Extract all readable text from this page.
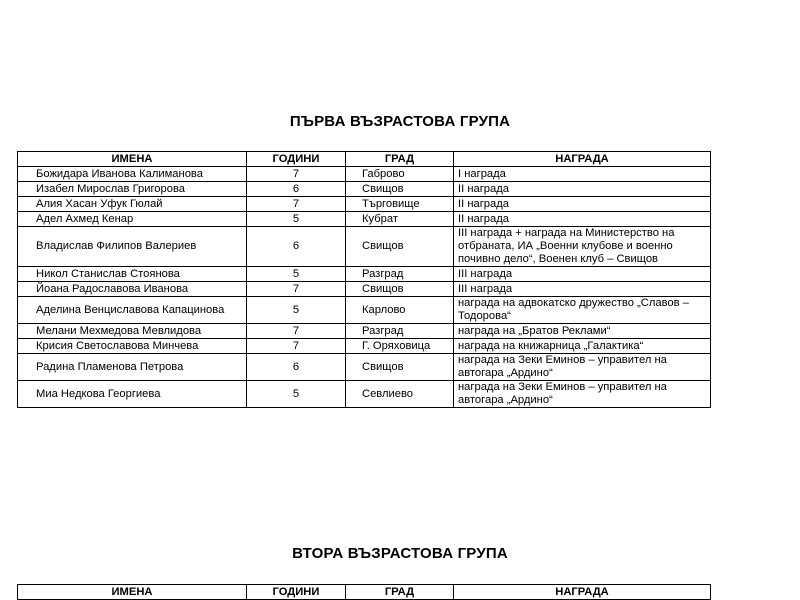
ПЪРВА ВЪЗРАСТОВА ГРУПА
ИМЕНА	ГОДИНИ	ГРАД	НАГРАДА
Божидара Иванова Калиманова	7	Габрово	I награда
Изабел Мирослав Григорова	6	Свищов	II награда
Алия Хасан Уфук Гюлай	7	Търговище	II награда
Адел Ахмед Кенар	5	Кубрат	II награда
Владислав Филипов Валериев	6	Свищов	III награда + награда на Министерство на отбраната, ИА „Военни клубове и военно почивно дело“, Военен клуб – Свищов
Никол Станислав Стоянова	5	Разград	III награда
Йоана Радославова Иванова	7	Свищов	III награда
Аделина Венциславова Капацинова	5	Карлово	награда на адвокатско дружество „Славов – Тодорова“
Мелани Мехмедова Мевлидова	7	Разград	награда на „Братов Реклами“
Крисия Светославова Минчева	7	Г. Оряховица	награда на книжарница „Галактика“
Радина Пламенова Петрова	6	Свищов	награда на Зеки Еминов – управител на автогара „Ардино“
Миа Недкова Георгиева	5	Севлиево	награда на Зеки Еминов – управител на автогара „Ардино“
ВТОРА ВЪЗРАСТОВА ГРУПА
ИМЕНА	ГОДИНИ	ГРАД	НАГРАДА
